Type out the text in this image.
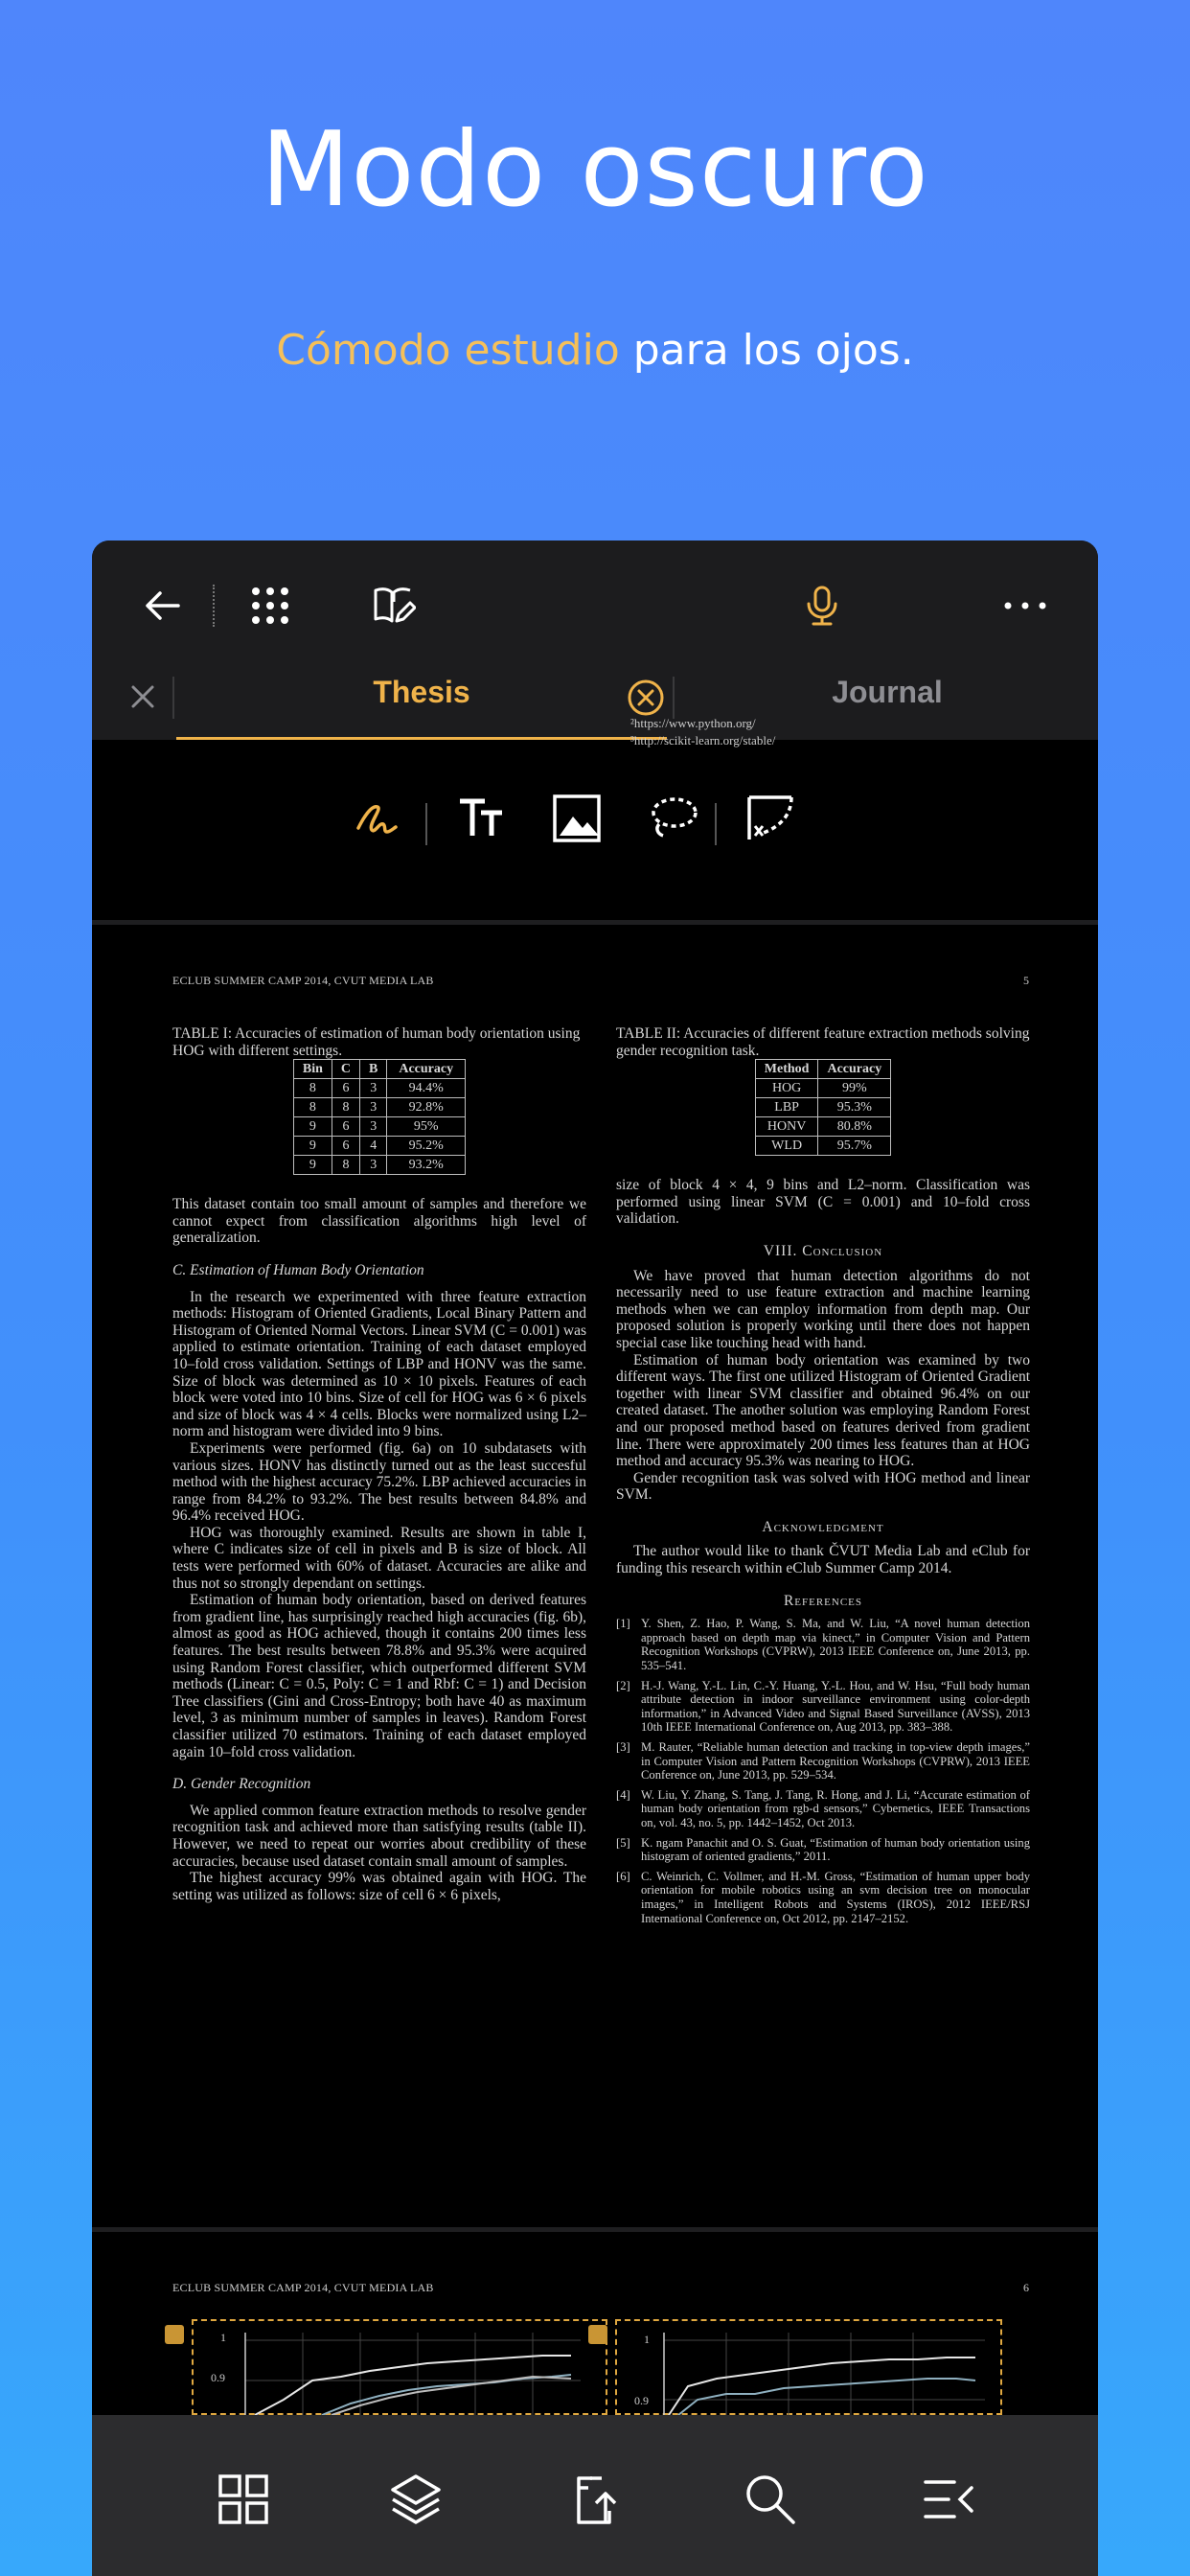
Modo oscuro
Cómodo estudio para los ojos.
Thesis	Journal
²https://www.python.org/
³http://scikit-learn.org/stable/
ECLUB SUMMER CAMP 2014, CVUT MEDIA LAB	5

TABLE I: Accuracies of estimation of human body orientation using HOG with different settings.

Bin	C	B	Accuracy
8	6	3	94.4%
8	8	3	92.8%
9	6	3	95%
9	6	4	95.2%
9	8	3	93.2%

This dataset contain too small amount of samples and therefore we cannot expect from classification algorithms high level of generalization.

C. Estimation of Human Body Orientation

In the research we experimented with three feature extraction methods: Histogram of Oriented Gradients, Local Binary Pattern and Histogram of Oriented Normal Vectors. Linear SVM (C = 0.001) was applied to estimate orientation. Training of each dataset employed 10–fold cross validation. Settings of LBP and HONV was the same. Size of block was determined as 10 × 10 pixels. Features of each block were voted into 10 bins. Size of cell for HOG was 6 × 6 pixels and size of block was 4 × 4 cells. Blocks were normalized using L2–norm and histogram were divided into 9 bins.

Experiments were performed (fig. 6a) on 10 subdatasets with various sizes. HONV has distinctly turned out as the least succesful method with the highest accuracy 75.2%. LBP achieved accuracies in range from 84.2% to 93.2%. The best results between 84.8% and 96.4% received HOG.

HOG was thoroughly examined. Results are shown in table I, where C indicates size of cell in pixels and B is size of block. All tests were performed with 60% of dataset. Accuracies are alike and thus not so strongly dependant on settings.

Estimation of human body orientation, based on derived features from gradient line, has surprisingly reached high accuracies (fig. 6b), almost as good as HOG achieved, though it contains 200 times less features. The best results between 78.8% and 95.3% were acquired using Random Forest classifier, which outperformed different SVM methods (Linear: C = 0.5, Poly: C = 1 and Rbf: C = 1) and Decision Tree classifiers (Gini and Cross-Entropy; both have 40 as maximum level, 3 as minimum number of samples in leaves). Random Forest classifier utilized 70 estimators. Training of each dataset employed again 10–fold cross validation.

D. Gender Recognition

We applied common feature extraction methods to resolve gender recognition task and achieved more than satisfying results (table II). However, we need to repeat our worries about credibility of these accuracies, because used dataset contain small amount of samples.

The highest accuracy 99% was obtained again with HOG. The setting was utilized as follows: size of cell 6 × 6 pixels,

TABLE II: Accuracies of different feature extraction methods solving gender recognition task.

Method	Accuracy
HOG	99%
LBP	95.3%
HONV	80.8%
WLD	95.7%

size of block 4 × 4, 9 bins and L2–norm. Classification was performed using linear SVM (C = 0.001) and 10–fold cross validation.

VIII. Conclusion

We have proved that human detection algorithms do not necessarily need to use feature extraction and machine learning methods when we can employ information from depth map. Our proposed solution is properly working until there does not happen special case like touching head with hand.

Estimation of human body orientation was examined by two different ways. The first one utilized Histogram of Oriented Gradient together with linear SVM classifier and obtained 96.4% on our created dataset. The another solution was employing Random Forest and our proposed method based on features derived from gradient line. There were approximately 200 times less features than at HOG method and accuracy 95.3% was nearing to HOG.

Gender recognition task was solved with HOG method and linear SVM.

Acknowledgment

The author would like to thank ČVUT Media Lab and eClub for funding this research within eClub Summer Camp 2014.

References

[1] Y. Shen, Z. Hao, P. Wang, S. Ma, and W. Liu, “A novel human detection approach based on depth map via kinect,” in Computer Vision and Pattern Recognition Workshops (CVPRW), 2013 IEEE Conference on, June 2013, pp. 535–541.
[2] H.-J. Wang, Y.-L. Lin, C.-Y. Huang, Y.-L. Hou, and W. Hsu, “Full body human attribute detection in indoor surveillance environment using color-depth information,” in Advanced Video and Signal Based Surveillance (AVSS), 2013 10th IEEE International Conference on, Aug 2013, pp. 383–388.
[3] M. Rauter, “Reliable human detection and tracking in top-view depth images,” in Computer Vision and Pattern Recognition Workshops (CVPRW), 2013 IEEE Conference on, June 2013, pp. 529–534.
[4] W. Liu, Y. Zhang, S. Tang, J. Tang, R. Hong, and J. Li, “Accurate estimation of human body orientation from rgb-d sensors,” Cybernetics, IEEE Transactions on, vol. 43, no. 5, pp. 1442–1452, Oct 2013.
[5] K. ngam Panachit and O. S. Guat, “Estimation of human body orientation using histogram of oriented gradients,” 2011.
[6] C. Weinrich, C. Vollmer, and H.-M. Gross, “Estimation of human upper body orientation for mobile robotics using an svm decision tree on monocular images,” in Intelligent Robots and Systems (IROS), 2012 IEEE/RSJ International Conference on, Oct 2012, pp. 2147–2152.
ECLUB SUMMER CAMP 2014, CVUT MEDIA LAB	6
1
0.9
1
0.9
